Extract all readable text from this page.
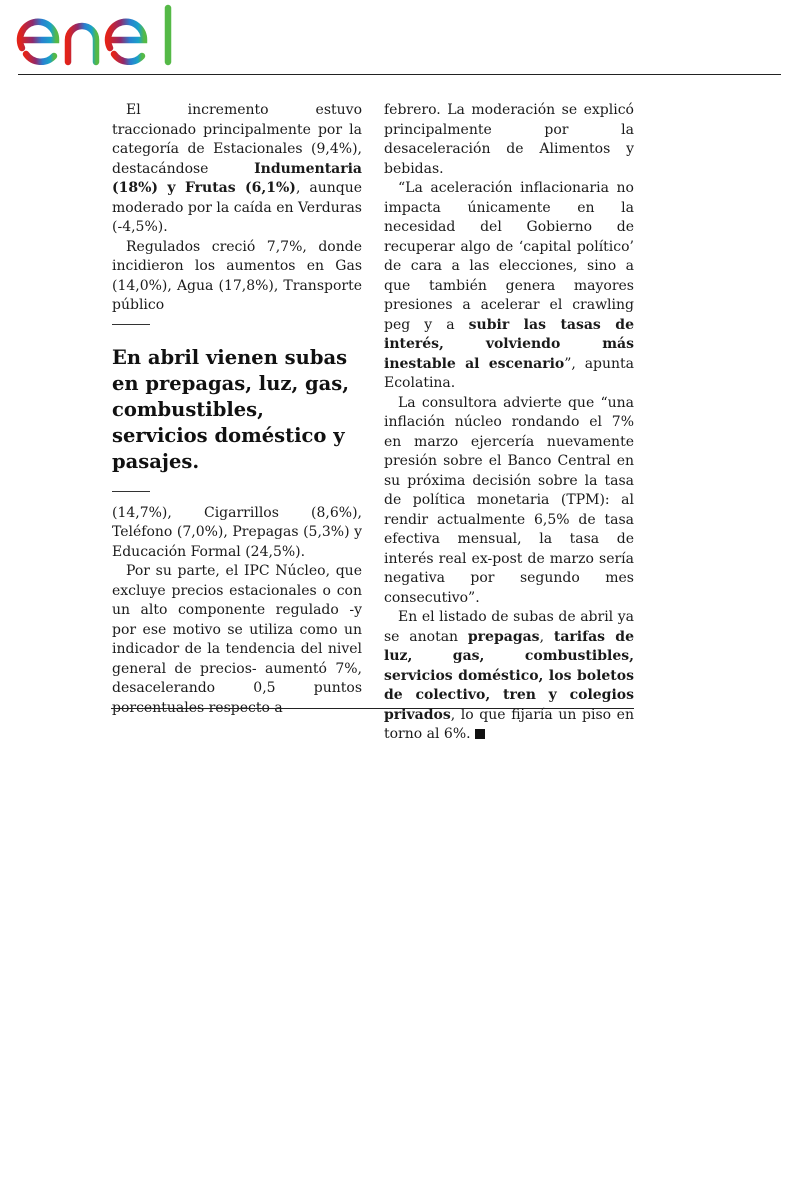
El incremento estuvo traccionado principalmente por la categoría de Estacionales (9,4%), destacándose Indumentaria (18%) y Frutas (6,1%), aunque moderado por la caída en Verduras (-4,5%).

Regulados creció 7,7%, donde incidieron los aumentos en Gas (14,0%), Agua (17,8%), Transporte público

En abril vienen subas en prepagas, luz, gas, combustibles, servicios doméstico y pasajes.

(14,7%), Cigarrillos (8,6%), Teléfono (7,0%), Prepagas (5,3%) y Educación Formal (24,5%).

Por su parte, el IPC Núcleo, que excluye precios estacionales o con un alto componente regulado -y por ese motivo se utiliza como un indicador de la tendencia del nivel general de precios- aumentó 7%, desacelerando 0,5 puntos porcentuales respecto a

febrero. La moderación se explicó principalmente por la desaceleración de Alimentos y bebidas.

“La aceleración inflacionaria no impacta únicamente en la necesidad del Gobierno de recuperar algo de ‘capital político’ de cara a las elecciones, sino a que también genera mayores presiones a acelerar el crawling peg y a subir las tasas de interés, volviendo más inestable al escenario”, apunta Ecolatina.

La consultora advierte que “una inflación núcleo rondando el 7% en marzo ejercería nuevamente presión sobre el Banco Central en su próxima decisión sobre la tasa de política monetaria (TPM): al rendir actualmente 6,5% de tasa efectiva mensual, la tasa de interés real ex-post de marzo sería negativa por segundo mes consecutivo”.

En el listado de subas de abril ya se anotan prepagas, tarifas de luz, gas, combustibles, servicios doméstico, los boletos de colectivo, tren y colegios privados, lo que fijaría un piso en torno al 6%.
